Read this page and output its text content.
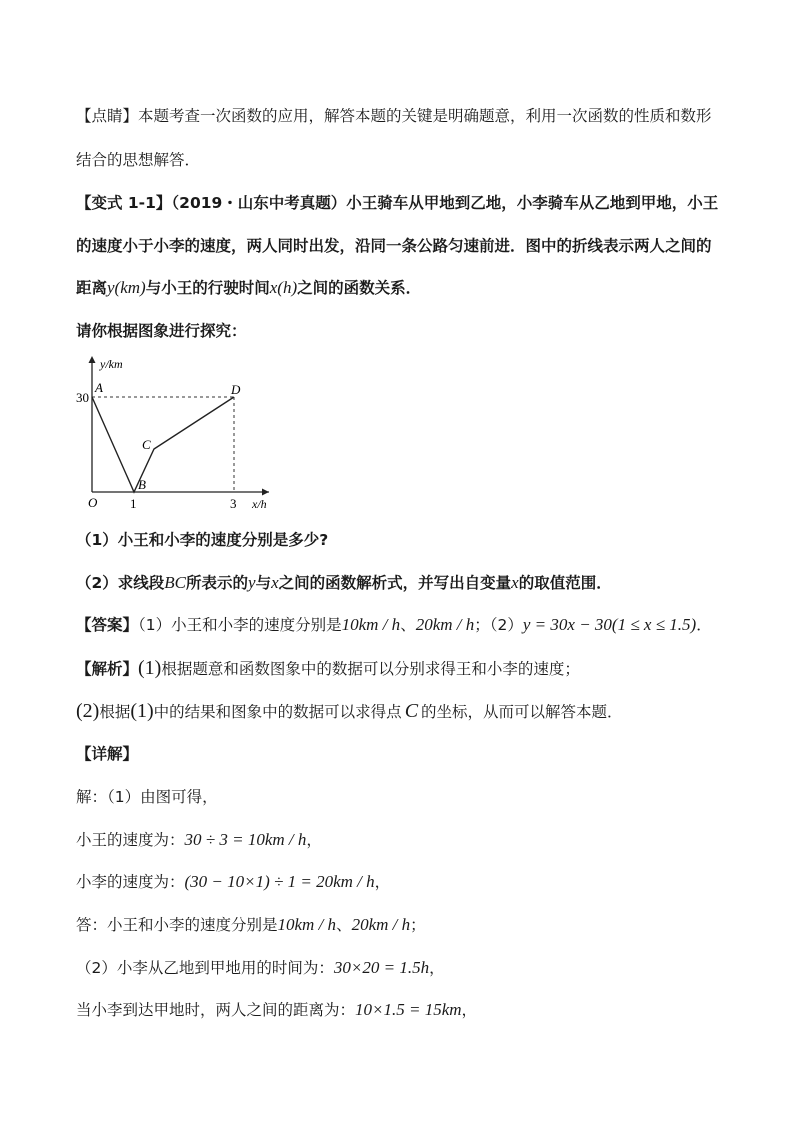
【点睛】本题考查一次函数的应用，解答本题的关键是明确题意，利用一次函数的性质和数形
结合的思想解答．
【变式 1-1】（2019・山东中考真题）小王骑车从甲地到乙地，小李骑车从乙地到甲地，小王
的速度小于小李的速度，两人同时出发，沿同一条公路匀速前进．图中的折线表示两人之间的
距离y(km)与小王的行驶时间x(h)之间的函数关系．
请你根据图象进行探究：
y/km
x/h
O
30
1	3
A
B
C
D
（1）小王和小李的速度分别是多少?
（2）求线段BC所表示的y与x之间的函数解析式，并写出自变量x的取值范围．
【答案】（1）小王和小李的速度分别是10km / h、20km / h；（2）y = 30x − 30(1 ≤ x ≤ 1.5)．
【解析】(1)根据题意和函数图象中的数据可以分别求得王和小李的速度；
(2)根据(1)中的结果和图象中的数据可以求得点 C 的坐标，从而可以解答本题．
【详解】
解：（1）由图可得，
小王的速度为：30 ÷ 3 = 10km / h，
小李的速度为：(30 − 10×1) ÷ 1 = 20km / h，
答：小王和小李的速度分别是10km / h、20km / h；
（2）小李从乙地到甲地用的时间为：30×20 = 1.5h，
当小李到达甲地时，两人之间的距离为：10×1.5 = 15km，
